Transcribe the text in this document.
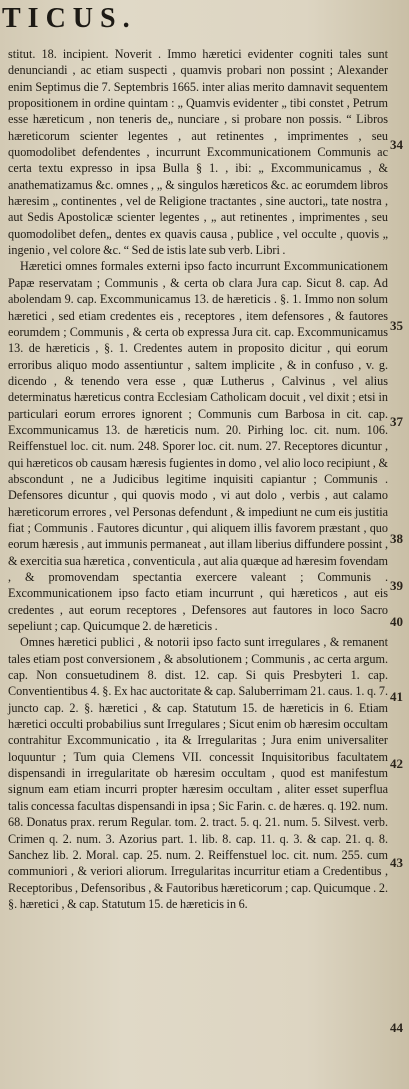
TICUS.

stitut. 18. incipient. Noverit . Immo hæretici evidenter cogniti tales sunt denunciandi , ac etiam suspecti , quamvis probari non possint ; Alexander enim Septimus die 7. Septembris 1665. inter alias merito damnavit sequentem propositionem in ordine quintam : „ Quamvis evidenter „ tibi constet , Petrum esse hæreticum , non teneris de„ nunciare , si probare non possis. “ Libros hæreticorum scienter legentes , aut retinentes , imprimentes , seu quomodolibet defendentes , incurrunt Excommunicationem Communis ac certa textu expresso in ipsa Bulla § 1. , ibi: „ Excommunicamus , & anathematizamus &c. omnes , „ & singulos hæreticos &c. ac eorumdem libros hæresim „ continentes , vel de Religione tractantes , sine auctori„ tate nostra , aut Sedis Apostolicæ scienter legentes , „ aut retinentes , imprimentes , seu quomodolibet defen„ dentes ex quavis causa , publice , vel occulte , quovis „ ingenio , vel colore &c. “ Sed de istis late sub verb. Libri .

Hæretici omnes formales externi ipso facto incurrunt Excommunicationem Papæ reservatam ; Communis , & certa ob clara Jura cap. Sicut 8. cap. Ad abolendam 9. cap. Excommunicamus 13. de hæreticis . §. 1. Immo non solum hæretici , sed etiam credentes eis , receptores , item defensores , & fautores eorumdem ; Communis , & certa ob expressa Jura cit. cap. Excommunicamus 13. de hæreticis , §. 1. Credentes autem in proposito dicitur , qui eorum erroribus aliquo modo assentiuntur , saltem implicite , & in confuso , v. g. dicendo , & tenendo vera esse , quæ Lutherus , Calvinus , vel alius determinatus hæreticus contra Ecclesiam Catholicam docuit , vel dixit ; etsi in particulari eorum errores ignorent ; Communis cum Barbosa in cit. cap. Excommunicamus 13. de hæreticis num. 20. Pirhing loc. cit. num. 106. Reiffenstuel loc. cit. num. 248. Sporer loc. cit. num. 27. Receptores dicuntur , qui hæreticos ob causam hæresis fugientes in domo , vel alio loco recipiunt , & abscondunt , ne a Judicibus legitime inquisiti capiantur ; Communis . Defensores dicuntur , qui quovis modo , vi aut dolo , verbis , aut calamo hæreticorum errores , vel Personas defendunt , & impediunt ne cum eis justitia fiat ; Communis . Fautores dicuntur , qui aliquem illis favorem præstant , quo eorum hæresis , aut immunis permaneat , aut illam liberius diffundere possint , & exercitia sua hæretica , conventicula , aut alia quæque ad hæresim fovendam , & promovendam spectantia exercere valeant ; Communis . Excommunicationem ipso facto etiam incurrunt , qui hæreticos , aut eis credentes , aut eorum receptores , Defensores aut fautores in loco Sacro sepeliunt ; cap. Quicumque 2. de hæreticis .

Omnes hæretici publici , & notorii ipso facto sunt irregulares , & remanent tales etiam post conversionem , & absolutionem ; Communis , ac certa argum. cap. Non consuetudinem 8. dist. 12. cap. Si quis Presbyteri 1. cap. Conventientibus 4. §. Ex hac auctoritate & cap. Saluberrimam 21. caus. 1. q. 7. juncto cap. 2. §. hæretici , & cap. Statutum 15. de hæreticis in 6. Etiam hæretici occulti probabilius sunt Irregulares ; Sicut enim ob hæresim occultam contrahitur Excommunicatio , ita & Irregularitas ; Jura enim universaliter loquuntur ; Tum quia Clemens VII. concessit Inquisitoribus facultatem dispensandi in irregularitate ob hæresim occultam , quod est manifestum signum eam etiam incurri propter hæresim occultam , aliter esset superflua talis concessa facultas dispensandi in ipsa ; Sic Farin. c. de hæres. q. 192. num. 68. Donatus prax. rerum Regular. tom. 2. tract. 5. q. 21. num. 5. Silvest. verb. Crimen q. 2. num. 3. Azorius part. 1. lib. 8. cap. 11. q. 3. & cap. 21. q. 8. Sanchez lib. 2. Moral. cap. 25. num. 2. Reiffenstuel loc. cit. num. 255. cum communiori , & veriori aliorum. Irregularitas incurritur etiam a Credentibus , Receptoribus , Defensoribus , & Fautoribus hæreticorum ; cap. Quicumque . 2. §. hæretici , & cap. Statutum 15. de hæreticis in 6.

34
35
37
38
39
40
41
42
43
44
